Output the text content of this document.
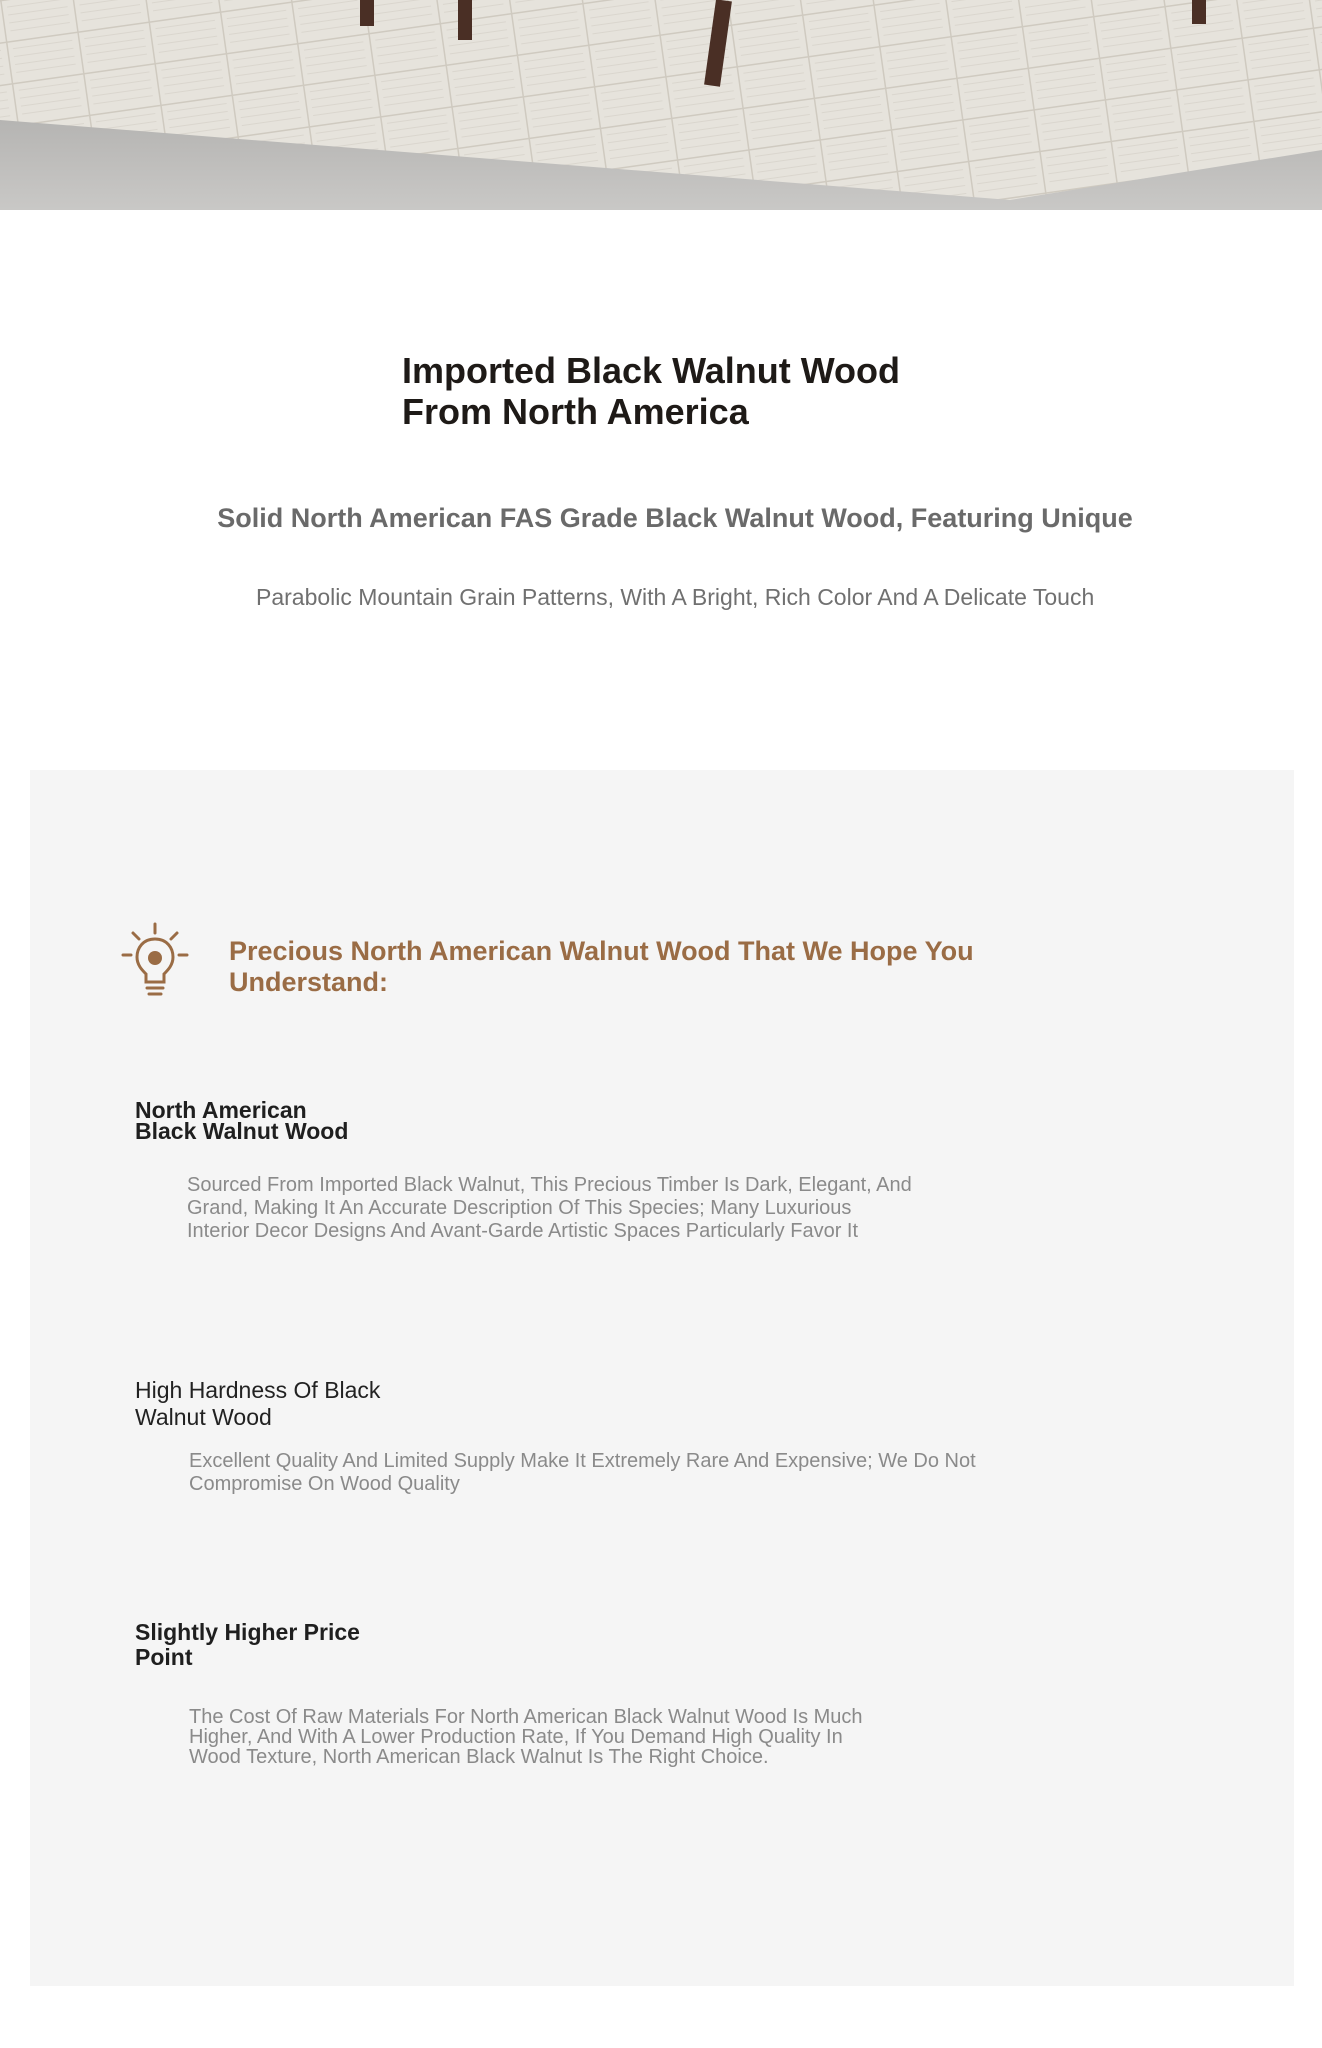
Imported Black Walnut Wood
From North America
Solid North American FAS Grade Black Walnut Wood, Featuring Unique
Parabolic Mountain Grain Patterns, With A Bright, Rich Color And A Delicate Touch
Precious North American Walnut Wood That We Hope You
Understand:
North American
Black Walnut Wood
Sourced From Imported Black Walnut, This Precious Timber Is Dark, Elegant, And
Grand, Making It An Accurate Description Of This Species; Many Luxurious
Interior Decor Designs And Avant-Garde Artistic Spaces Particularly Favor It
High Hardness Of Black
Walnut Wood
Excellent Quality And Limited Supply Make It Extremely Rare And Expensive; We Do Not
Compromise On Wood Quality
Slightly Higher Price
Point
The Cost Of Raw Materials For North American Black Walnut Wood Is Much
Higher, And With A Lower Production Rate, If You Demand High Quality In
Wood Texture, North American Black Walnut Is The Right Choice.
